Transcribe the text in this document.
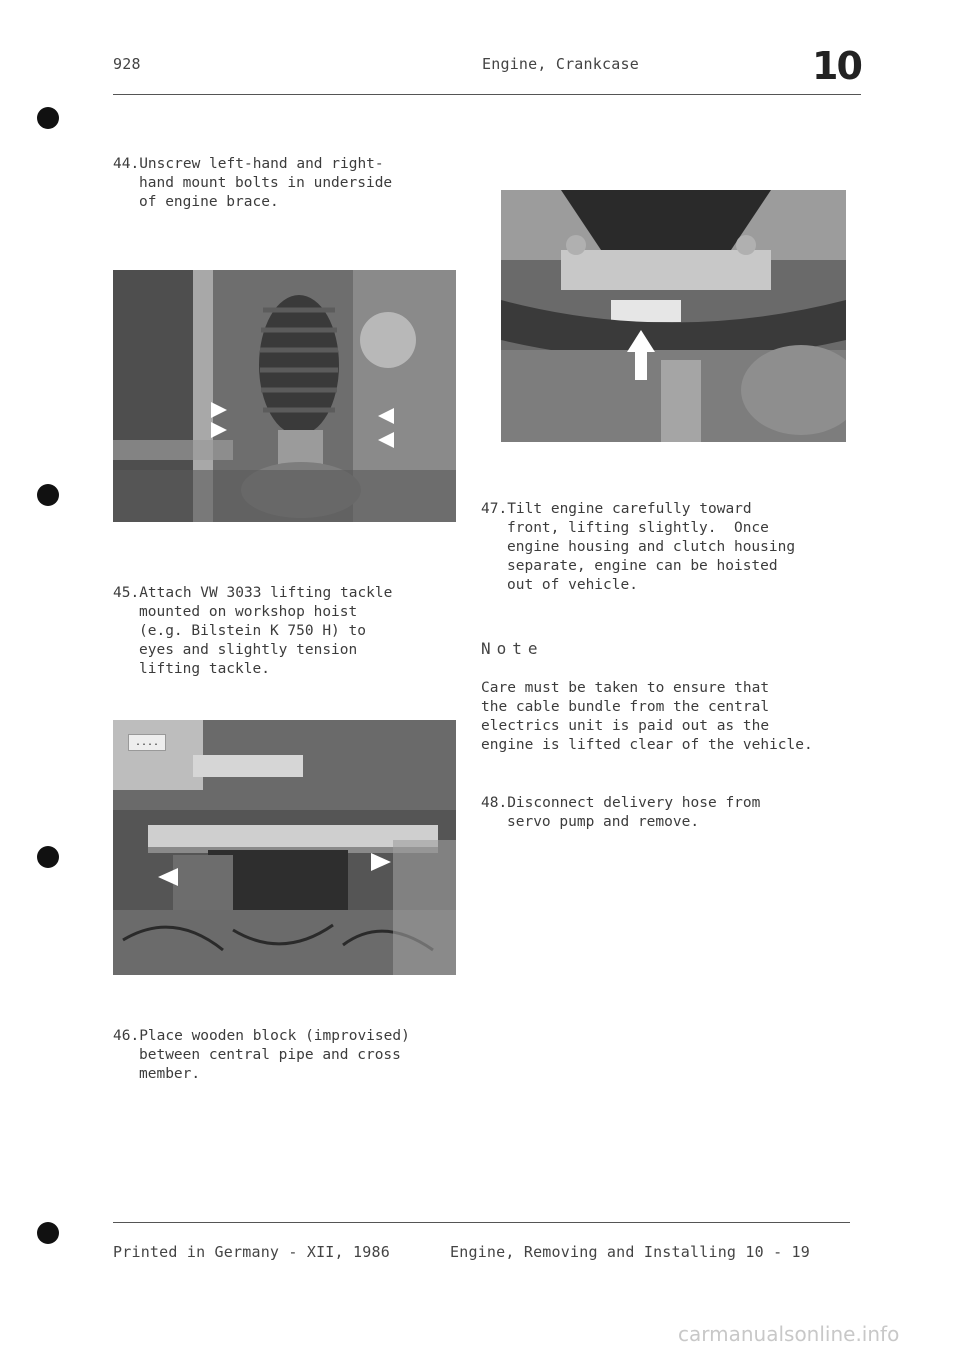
928	Engine, Crankcase	10
44.Unscrew left-hand and right-
hand mount bolts in underside
of engine brace.
45.Attach VW 3033 lifting tackle
mounted on workshop hoist
(e.g. Bilstein K 750 H) to
eyes and slightly tension
lifting tackle.
....
46.Place wooden block (improvised)
between central pipe and cross
member.
47.Tilt engine carefully toward
front, lifting slightly.  Once
engine housing and clutch housing
separate, engine can be hoisted
out of vehicle.
Note
Care must be taken to ensure that
the cable bundle from the central
electrics unit is paid out as the
engine is lifted clear of the vehicle.
48.Disconnect delivery hose from
servo pump and remove.
Printed in Germany - XII, 1986	Engine, Removing and Installing 10 - 19
carmanualsonline.info
